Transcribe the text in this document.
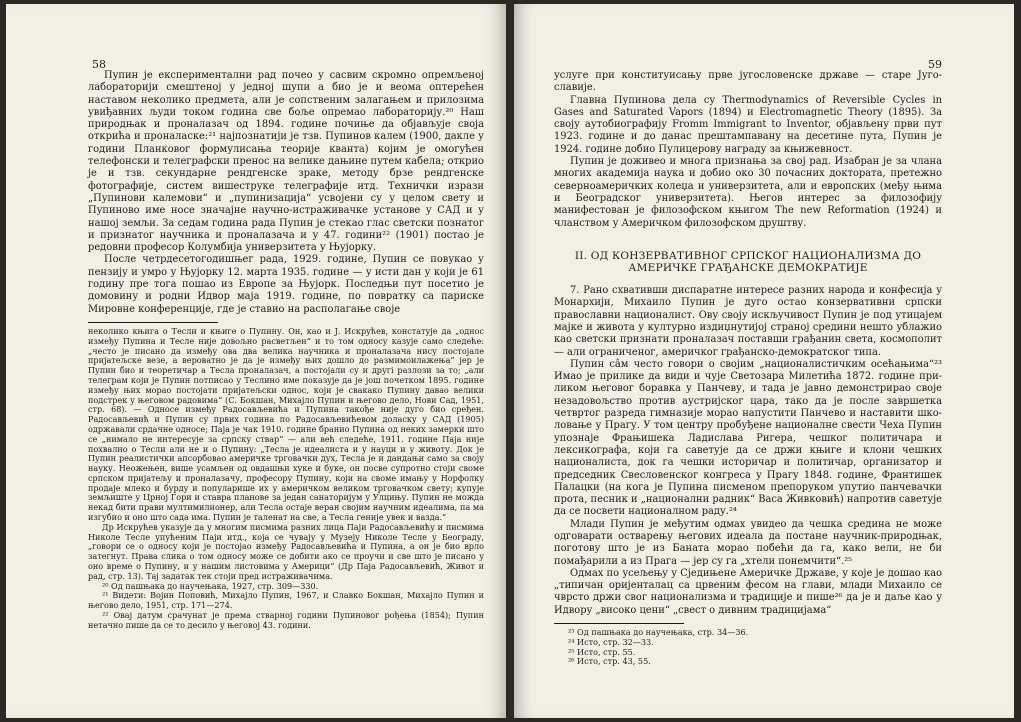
58

Пупин је експериментални рад почео у сасвим скромно опремљеној лабораторији смештеној у једној шупи а био је и веома оптерећен наставом неколико предмета, али је сопственим залагањем и прилозима увиђавних људи током година све боље опремао лабораторију.²⁰ Наш природњак и проналазач од 1894. године почиње да објављује своја открића и проналаске:²¹ најпознатији је тзв. Пупинов калем (1900, дакле у години Планковог формулисања теорије кванта) којим је омогућен телефонски и телеграфски пренос на велике дањине путем кабела; открио је и тзв. секундарне рендгенске зраке, методу брзе рендгенске фотографије, систем вишеструке телеграфије итд. Технички изрази „Пупинови калемови“ и „пупинизација“ усвојени су у целом свету и Пупиново име носе значајне научно-истраживачке установе у САД и у нашој земљи. За седам година рада Пупин је стекао глас светски познатог и признатог научника и проналазача и у 47. години²² (1901) постао је редовни професор Колумбија универзитета у Њујорку.

После четрдесетогодишњег рада, 1929. године, Пупин се повукао у пензију и умро у Њујорку 12. марта 1935. године — у исти дан у који је 61 годину пре тога пошао из Европе за Њујорк. Последњи пут посетио је домовину и родни Идвор маја 1919. године, по повратку са париске Мировне конференције, где је ставио на располагање своје

неколико књига о Тесли и књиге о Пупину. Он, као и Ј. Искрућев, констатује да „однос између Пупина и Тесле није довољно расветљен“ и то том односу казује само следеће: „често је писано да између ова два велика научника и проналазача нису постојале пријатељске везе, а вероватно је да је између њих дошло до размимоилажења“ јер је Пупин био и теоретичар а Тесла проналазач, а постојали су и другi разлози за то; „али телеграм који је Пупин потписао у Теслино име показује да је још почетком 1895. године између њих морао постојати пријатељски однос, који је свакако Пупину давао велики подстрек у његовом радовима“ (С. Бокшан, Михајло Пупин и његово дело, Нови Сад, 1951, стр. 68). — Односе између Радосављевића и Пупина такође није дуго био сређен. Радосављевић и Пупин су првих година по Радосављевићевом доласку у САД (1905) одржавали срдачне односе; Паја је чак 1910. године бранио Пупина од неких замерки што се „нимало не интересује за српску ствар“ — али већ следеће, 1911. године Паја није похвално о Тесли али не и о Пупину: „Тесла је идеалиста и у науци и у животу. Док је Пупин реалистички апсорбовао америчке трговачки дух, Тесла је и дандањи само за своју науку. Неожењен, више усамљен од овдашњи хуке и буке, он посве супротно стоји своме српском пријатељу и проналазачу, професору Пупину, који на своме имању у Норфолку продаје млеко и бурду и популарише их у америчком великом трговачком свету; купује земљиште у Црној Гори и ставра планове за један санаторијум у Улцињу. Пупин не можда некад бити прави мултимилионер, али Тесла остаје веран својим научним идеалима, па ма изгубио и оно што сада има. Пупин је таленат на све, а Тесла геније увек и вазда.“

Др Искрућев указује да у многим писмима разних лица Паји Радосављевићу и писмима Николе Тесле упућеним Паји итд., која се чувају у Музеју Николе Тесле у Београду, „говори се о односу који је постојао између Радосављевића и Пупина, а он је био врло затегнут. Права слика о том односу може се добити ако се проучи и све што је писано у оно време о Пупину, и у нашим листовима у Америци“ (Др Паја Радосављевић, Живот и рад, стр. 13). Тај задатак тек стоји пред истраживачима.

²⁰ Од пашњака до научењака, 1927, стр. 309—330.

²¹ Видети: Војин Поповић, Михајло Пупин, 1967, и Славко Бокшан, Михајло Пупин и његово дело, 1951, стр. 171—274.

²² Овај датум срачунат је према стварној години Пупиновог рођења (1854); Пупин нетачно пише да се то десило у његовој 43. години.

59

услуге при конституисању прве југословенске државе — старе Југославије.

Главна Пупинова дела су Thermodynamics of Reversible Cycles in Gases and Saturated Vapors (1894) и Electromagnetic Theory (1895). За своју аутобиографију Fromm Immigrant to Inventor, објављену први пут 1923. године и до данас прештампавану на десетине пута, Пупин је 1924. године добио Пулицерову награду за књижевност.

Пупин је доживео и многа признања за свој рад. Изабран је за члана многих академија наука и добио око 30 почасних доктората, претежно северноамеричких колеџа и универзитета, али и европских (међу њима и Београдског универзитета). Његов интерес за филозофију манифестован је филозофском књигом The new Reformation (1924) и чланством у Америчком филозофском друштву.

II. ОД КОНЗЕРВАТИВНОГ СРПСКОГ НАЦИОНАЛИЗМА ДО
АМЕРИЧКЕ ГРАЂАНСКЕ ДЕМОКРАТИЈЕ

7. Рано схвативши диспаратне интересе разних народа и конфесија у Монархији, Михаило Пупин је дуго остао конзервативни српски православни националист. Ову своју искључивост Пупин је под утицајем мајке и живота у културно издиџнутијој страној средини нешто ублажио као светски признати проналазач поставши грађанин света, космополит — али ограниченог, америчког грађанско-демократског типа.

Пупин сâм често говори о својим „националистичким осећањима“²³ Имао је прилике да види и чује Светозара Милетића 1872. године приликом његовог боравка у Панчеву, и тада је јавно демонстрирао своје незадовољство против аустријског цара, тако да је после завршетка четвртог разреда гимназије морао напустити Панчево и наставити школовање у Прагу. У том центру пробуђене националне свести Чеха Пупин упознаје Фрањишека Ладислава Ригера, чешког политичара и лексикографа, који га саветује да се држи књиге и клони чешких националиста, док га чешки историчар и политичар, организатор и председник Свесловенског конгреса у Прагу 1848. године, Франтишек Палацки (на кога је Пупина писменом препоруком упутио панчевачки прота, песник и „национални радник“ Васа Живковић) напротив саветује да се посвети националном раду.²⁴

Млади Пупин је међутим одмах увидео да чешка средина не може одговарати остварењу његових идеала да постане научник-природњак, поготову што је из Баната морао побећи да га, како вели, не би помађарили а из Прага — јер су га „хтели понемчити“.²⁵

Одмах по усељењу у Сједињене Америчке Државе, у које је дошао као „типичан оријенталац са црвеним фесом на глави, млади Михаило се чврсто држи свог национализма и традиције и пише²⁶ да је и даље као у Идвору „високо цени“ „свест о дивним традицијама“

²³ Од пашњака до научењака, стр. 34—36.

²⁴ Исто, стр. 32—33.

²⁵ Исто, стр. 55.

²⁶ Исто, стр. 43, 55.
